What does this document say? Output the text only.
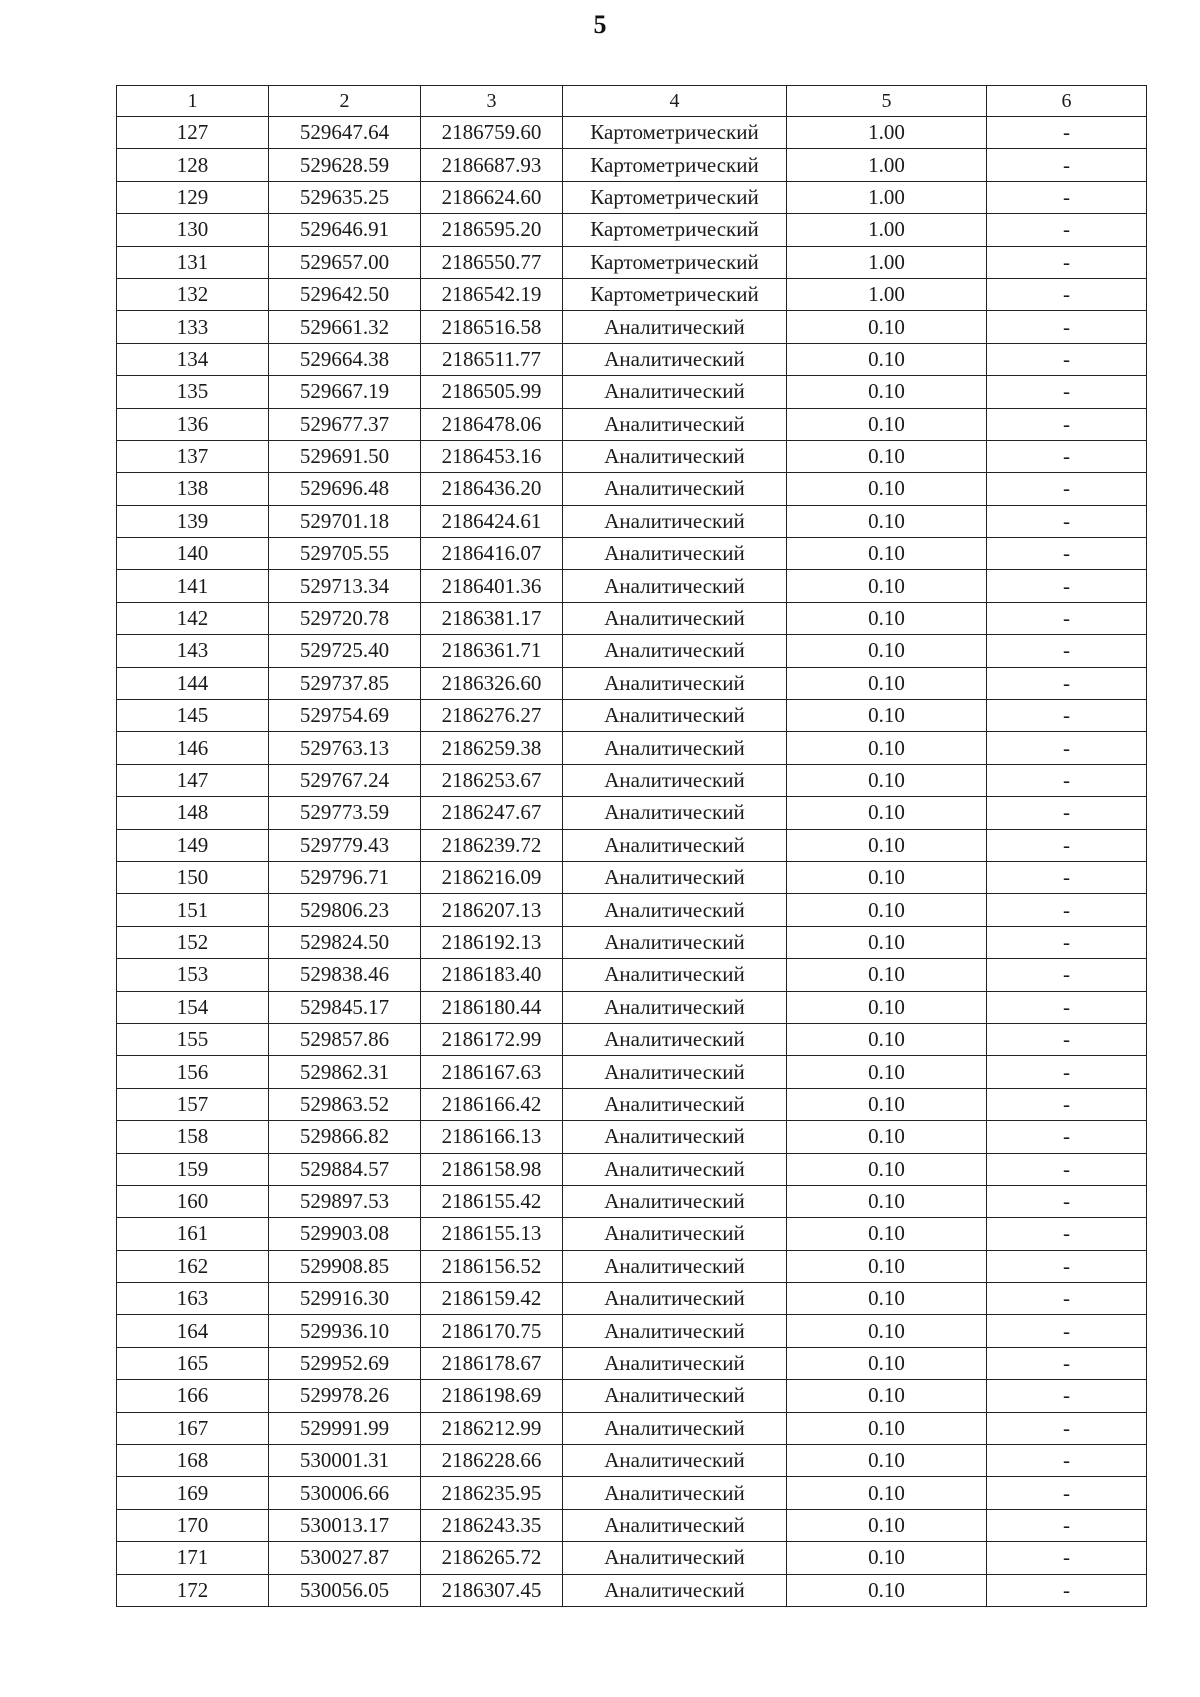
5
1	2	3	4	5	6
127	529647.64	2186759.60	Картометрический	1.00	-
128	529628.59	2186687.93	Картометрический	1.00	-
129	529635.25	2186624.60	Картометрический	1.00	-
130	529646.91	2186595.20	Картометрический	1.00	-
131	529657.00	2186550.77	Картометрический	1.00	-
132	529642.50	2186542.19	Картометрический	1.00	-
133	529661.32	2186516.58	Аналитический	0.10	-
134	529664.38	2186511.77	Аналитический	0.10	-
135	529667.19	2186505.99	Аналитический	0.10	-
136	529677.37	2186478.06	Аналитический	0.10	-
137	529691.50	2186453.16	Аналитический	0.10	-
138	529696.48	2186436.20	Аналитический	0.10	-
139	529701.18	2186424.61	Аналитический	0.10	-
140	529705.55	2186416.07	Аналитический	0.10	-
141	529713.34	2186401.36	Аналитический	0.10	-
142	529720.78	2186381.17	Аналитический	0.10	-
143	529725.40	2186361.71	Аналитический	0.10	-
144	529737.85	2186326.60	Аналитический	0.10	-
145	529754.69	2186276.27	Аналитический	0.10	-
146	529763.13	2186259.38	Аналитический	0.10	-
147	529767.24	2186253.67	Аналитический	0.10	-
148	529773.59	2186247.67	Аналитический	0.10	-
149	529779.43	2186239.72	Аналитический	0.10	-
150	529796.71	2186216.09	Аналитический	0.10	-
151	529806.23	2186207.13	Аналитический	0.10	-
152	529824.50	2186192.13	Аналитический	0.10	-
153	529838.46	2186183.40	Аналитический	0.10	-
154	529845.17	2186180.44	Аналитический	0.10	-
155	529857.86	2186172.99	Аналитический	0.10	-
156	529862.31	2186167.63	Аналитический	0.10	-
157	529863.52	2186166.42	Аналитический	0.10	-
158	529866.82	2186166.13	Аналитический	0.10	-
159	529884.57	2186158.98	Аналитический	0.10	-
160	529897.53	2186155.42	Аналитический	0.10	-
161	529903.08	2186155.13	Аналитический	0.10	-
162	529908.85	2186156.52	Аналитический	0.10	-
163	529916.30	2186159.42	Аналитический	0.10	-
164	529936.10	2186170.75	Аналитический	0.10	-
165	529952.69	2186178.67	Аналитический	0.10	-
166	529978.26	2186198.69	Аналитический	0.10	-
167	529991.99	2186212.99	Аналитический	0.10	-
168	530001.31	2186228.66	Аналитический	0.10	-
169	530006.66	2186235.95	Аналитический	0.10	-
170	530013.17	2186243.35	Аналитический	0.10	-
171	530027.87	2186265.72	Аналитический	0.10	-
172	530056.05	2186307.45	Аналитический	0.10	-
